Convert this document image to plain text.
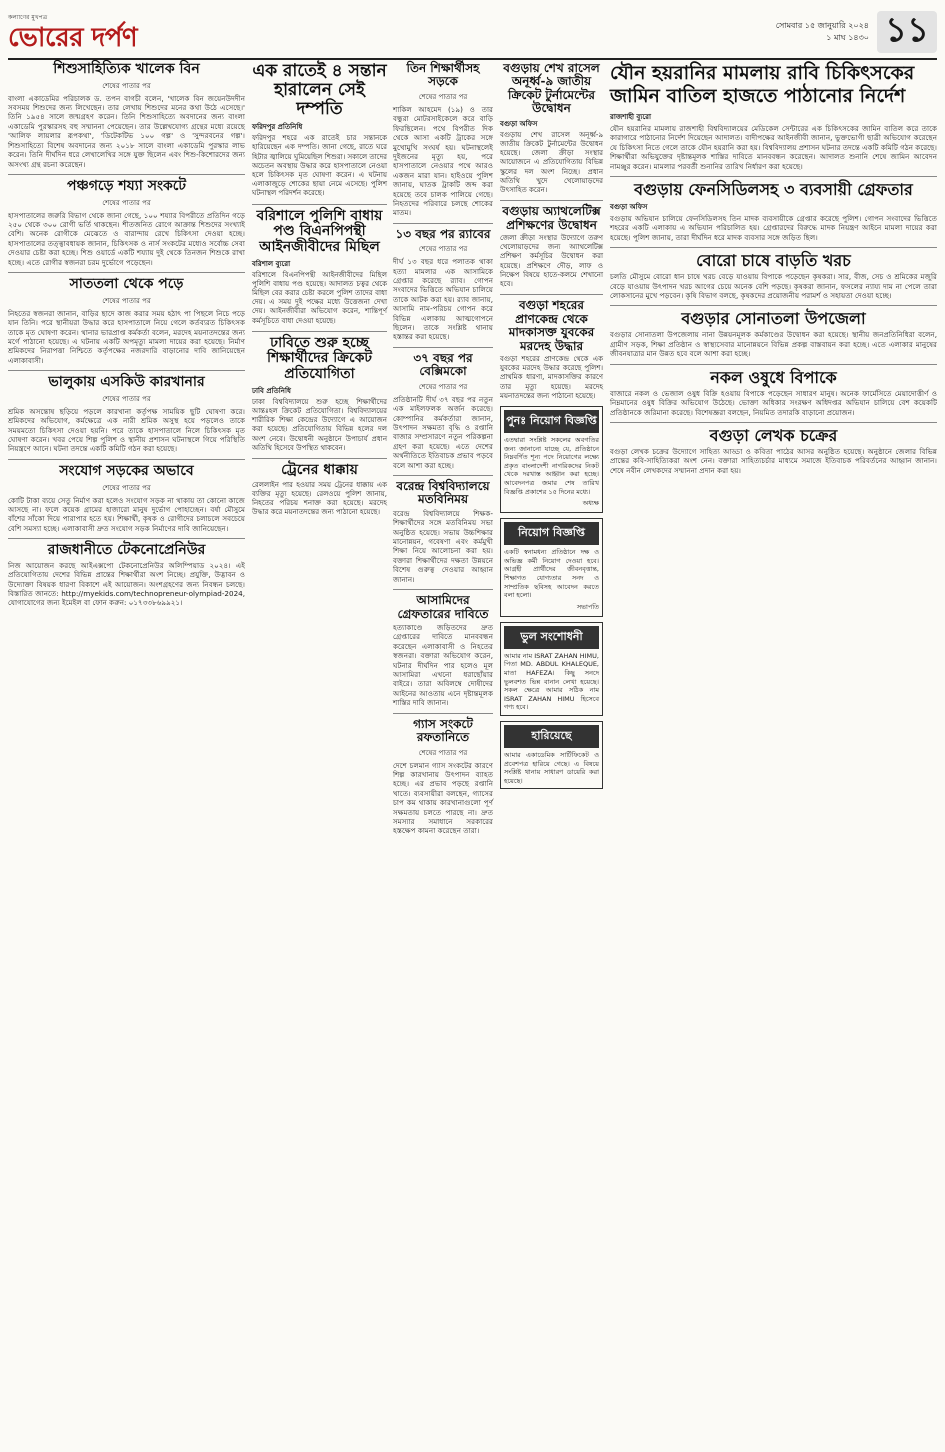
কল্যাণের মুখপত্র
ভোরের দর্পণ	সোমবার ১৫ জানুয়ারি ২০২৪
১ মাঘ ১৪৩০ ১১
শিশুসাহিত্যিক খালেক বিন
শেষের পাতার পর

বাংলা একাডেমির পরিচালক ড. তপন বাগচী বলেন, 'খালেক বিন জয়েনউদদীন সবসময় শিশুদের জন্য লিখেছেন। তার লেখায় শিশুদের মনের কথা উঠে এসেছে।' তিনি ১৯৫৪ সালে জন্মগ্রহণ করেন। তিনি শিশুসাহিত্যে অবদানের জন্য বাংলা একাডেমি পুরস্কারসহ বহু সম্মাননা পেয়েছেন। তার উল্লেখযোগ্য গ্রন্থের মধ্যে রয়েছে 'আলিফ লায়লার রূপকথা', 'ডিটেকটিভ ১০০ গল্প' ও 'সুন্দরবনের গল্প'। শিশুসাহিত্যে বিশেষ অবদানের জন্য ২০১৮ সালে বাংলা একাডেমি পুরস্কার লাভ করেন। তিনি দীর্ঘদিন ধরে লেখালেখির সঙ্গে যুক্ত ছিলেন এবং শিশু-কিশোরদের জন্য অসংখ্য গ্রন্থ রচনা করেছেন।

পঞ্চগড়ে শয্যা সংকটে
শেষের পাতার পর

হাসপাতালের জরুরি বিভাগ থেকে জানা গেছে, ১০০ শয্যার বিপরীতে প্রতিদিন গড়ে ২৫০ থেকে ৩০০ রোগী ভর্তি থাকছেন। শীতজনিত রোগে আক্রান্ত শিশুদের সংখ্যাই বেশি। অনেক রোগীকে মেঝেতে ও বারান্দায় রেখে চিকিৎসা দেওয়া হচ্ছে। হাসপাতালের তত্ত্বাবধায়ক জানান, চিকিৎসক ও নার্স সংকটের মধ্যেও সর্বোচ্চ সেবা দেওয়ার চেষ্টা করা হচ্ছে। শিশু ওয়ার্ডে একটি শয্যায় দুই থেকে তিনজন শিশুকে রাখা হচ্ছে। এতে রোগীর স্বজনরা চরম দুর্ভোগে পড়েছেন।

সাততলা থেকে পড়ে
শেষের পাতার পর

নিহতের স্বজনরা জানান, বাড়ির ছাদে কাজ করার সময় হঠাৎ পা পিছলে নিচে পড়ে যান তিনি। পরে স্থানীয়রা উদ্ধার করে হাসপাতালে নিয়ে গেলে কর্তব্যরত চিকিৎসক তাকে মৃত ঘোষণা করেন। থানার ভারপ্রাপ্ত কর্মকর্তা বলেন, মরদেহ ময়নাতদন্তের জন্য মর্গে পাঠানো হয়েছে। এ ঘটনায় একটি অপমৃত্যু মামলা দায়ের করা হয়েছে। নির্মাণ শ্রমিকদের নিরাপত্তা নিশ্চিতে কর্তৃপক্ষের নজরদারি বাড়ানোর দাবি জানিয়েছেন এলাকাবাসী।

ভালুকায় এসকিউ কারখানার
শেষের পাতার পর

শ্রমিক অসন্তোষ ছড়িয়ে পড়লে কারখানা কর্তৃপক্ষ সাময়িক ছুটি ঘোষণা করে। শ্রমিকদের অভিযোগ, কর্মক্ষেত্রে এক নারী শ্রমিক অসুস্থ হয়ে পড়লেও তাকে সময়মতো চিকিৎসা দেওয়া হয়নি। পরে তাকে হাসপাতালে নিলে চিকিৎসক মৃত ঘোষণা করেন। খবর পেয়ে শিল্প পুলিশ ও স্থানীয় প্রশাসন ঘটনাস্থলে গিয়ে পরিস্থিতি নিয়ন্ত্রণে আনে। ঘটনা তদন্তে একটি কমিটি গঠন করা হয়েছে।

সংযোগ সড়কের অভাবে
শেষের পাতার পর

কোটি টাকা ব্যয়ে সেতু নির্মাণ করা হলেও সংযোগ সড়ক না থাকায় তা কোনো কাজে আসছে না। ফলে কয়েক গ্রামের হাজারো মানুষ দুর্ভোগ পোহাচ্ছেন। বর্ষা মৌসুমে বাঁশের সাঁকো দিয়ে পারাপার হতে হয়। শিক্ষার্থী, কৃষক ও রোগীদের চলাচলে সবচেয়ে বেশি সমস্যা হচ্ছে। এলাকাবাসী দ্রুত সংযোগ সড়ক নির্মাণের দাবি জানিয়েছেন।

রাজধানীতে টেকনোপ্রেনিউর

নিজ আয়োজন করছে আইএক্সপো টেকনোপ্রেনিউর অলিম্পিয়াড ২০২৪। এই প্রতিযোগিতায় দেশের বিভিন্ন প্রান্তের শিক্ষার্থীরা অংশ নিচ্ছে। প্রযুক্তি, উদ্ভাবন ও উদ্যোক্তা বিষয়ক ধারণা বিকাশে এই আয়োজন। অংশগ্রহণের জন্য নিবন্ধন চলছে। বিস্তারিত জানতে: http://myekids.com/technopreneur-olympiad-2024, যোগাযোগের জন্য ইমেইল বা ফোন করুন: ০১৭৩৩৮৬৯৯২১।

এক রাতেই ৪ সন্তান হারালেন সেই দম্পতি
ফরিদপুর প্রতিনিধি

ফরিদপুর শহরে এক রাতেই চার সন্তানকে হারিয়েছেন এক দম্পতি। জানা গেছে, রাতে ঘরে হিটার জ্বালিয়ে ঘুমিয়েছিল শিশুরা। সকালে তাদের অচেতন অবস্থায় উদ্ধার করে হাসপাতালে নেওয়া হলে চিকিৎসক মৃত ঘোষণা করেন। এ ঘটনায় এলাকাজুড়ে শোকের ছায়া নেমে এসেছে। পুলিশ ঘটনাস্থল পরিদর্শন করেছে।

বরিশালে পুলিশি বাধায় পণ্ড বিএনপিপন্থী আইনজীবীদের মিছিল
বরিশাল ব্যুরো

বরিশালে বিএনপিপন্থী আইনজীবীদের মিছিল পুলিশি বাধায় পণ্ড হয়েছে। আদালত চত্বর থেকে মিছিল বের করার চেষ্টা করলে পুলিশ তাদের বাধা দেয়। এ সময় দুই পক্ষের মধ্যে উত্তেজনা দেখা দেয়। আইনজীবীরা অভিযোগ করেন, শান্তিপূর্ণ কর্মসূচিতে বাধা দেওয়া হয়েছে।

ঢাবিতে শুরু হচ্ছে শিক্ষার্থীদের ক্রিকেট প্রতিযোগিতা
ঢাবি প্রতিনিধি

ঢাকা বিশ্ববিদ্যালয়ে শুরু হচ্ছে শিক্ষার্থীদের আন্তঃহল ক্রিকেট প্রতিযোগিতা। বিশ্ববিদ্যালয়ের শারীরিক শিক্ষা কেন্দ্রের উদ্যোগে এ আয়োজন করা হয়েছে। প্রতিযোগিতায় বিভিন্ন হলের দল অংশ নেবে। উদ্বোধনী অনুষ্ঠানে উপাচার্য প্রধান অতিথি হিসেবে উপস্থিত থাকবেন।

ট্রেনের ধাক্কায়

রেললাইন পার হওয়ার সময় ট্রেনের ধাক্কায় এক ব্যক্তির মৃত্যু হয়েছে। রেলওয়ে পুলিশ জানায়, নিহতের পরিচয় শনাক্ত করা হয়েছে। মরদেহ উদ্ধার করে ময়নাতদন্তের জন্য পাঠানো হয়েছে।

তিন শিক্ষার্থীসহ সড়কে
শেষের পাতার পর

শাকিল আহমেদ (১৯) ও তার বন্ধুরা মোটরসাইকেলে করে বাড়ি ফিরছিলেন। পথে বিপরীত দিক থেকে আসা একটি ট্রাকের সঙ্গে মুখোমুখি সংঘর্ষ হয়। ঘটনাস্থলেই দুইজনের মৃত্যু হয়, পরে হাসপাতালে নেওয়ার পথে আরও একজন মারা যান। হাইওয়ে পুলিশ জানায়, ঘাতক ট্রাকটি জব্দ করা হয়েছে তবে চালক পালিয়ে গেছে। নিহতদের পরিবারে চলছে শোকের মাতম।

১৩ বছর পর র‌্যাবের
শেষের পাতার পর

দীর্ঘ ১৩ বছর ধরে পলাতক থাকা হত্যা মামলার এক আসামিকে গ্রেপ্তার করেছে র‌্যাব। গোপন সংবাদের ভিত্তিতে অভিযান চালিয়ে তাকে আটক করা হয়। র‌্যাব জানায়, আসামি নাম-পরিচয় গোপন করে বিভিন্ন এলাকায় আত্মগোপনে ছিলেন। তাকে সংশ্লিষ্ট থানায় হস্তান্তর করা হয়েছে।

৩৭ বছর পর বেক্সিমকো
শেষের পাতার পর

প্রতিষ্ঠানটি দীর্ঘ ৩৭ বছর পর নতুন এক মাইলফলক অর্জন করেছে। কোম্পানির কর্মকর্তারা জানান, উৎপাদন সক্ষমতা বৃদ্ধি ও রপ্তানি বাজার সম্প্রসারণে নতুন পরিকল্পনা গ্রহণ করা হয়েছে। এতে দেশের অর্থনীতিতে ইতিবাচক প্রভাব পড়বে বলে আশা করা হচ্ছে।

বরেন্দ্র বিশ্ববিদ্যালয়ে মতবিনিময়

বরেন্দ্র বিশ্ববিদ্যালয়ে শিক্ষক-শিক্ষার্থীদের সঙ্গে মতবিনিময় সভা অনুষ্ঠিত হয়েছে। সভায় উচ্চশিক্ষার মানোন্নয়ন, গবেষণা এবং কর্মমুখী শিক্ষা নিয়ে আলোচনা করা হয়। বক্তারা শিক্ষার্থীদের দক্ষতা উন্নয়নে বিশেষ গুরুত্ব দেওয়ার আহ্বান জানান।

আসামিদের গ্রেফতারের দাবিতে

হত্যাকাণ্ডে জড়িতদের দ্রুত গ্রেপ্তারের দাবিতে মানববন্ধন করেছেন এলাকাবাসী ও নিহতের স্বজনরা। বক্তারা অভিযোগ করেন, ঘটনার দীর্ঘদিন পার হলেও মূল আসামিরা এখনো ধরাছোঁয়ার বাইরে। তারা অবিলম্বে দোষীদের আইনের আওতায় এনে দৃষ্টান্তমূলক শাস্তির দাবি জানান।

গ্যাস সংকটে রফতানিতে
শেষের পাতার পর

দেশে চলমান গ্যাস সংকটের কারণে শিল্প কারখানায় উৎপাদন ব্যাহত হচ্ছে। এর প্রভাব পড়ছে রপ্তানি খাতে। ব্যবসায়ীরা বলছেন, গ্যাসের চাপ কম থাকায় কারখানাগুলো পূর্ণ সক্ষমতায় চলতে পারছে না। দ্রুত সমস্যার সমাধানে সরকারের হস্তক্ষেপ কামনা করেছেন তারা।

বগুড়ায় শেখ রাসেল অনূর্ধ্ব-৯ জাতীয় ক্রিকেট টুর্নামেন্টের উদ্বোধন
বগুড়া অফিস

বগুড়ায় শেখ রাসেল অনূর্ধ্ব-৯ জাতীয় ক্রিকেট টুর্নামেন্টের উদ্বোধন হয়েছে। জেলা ক্রীড়া সংস্থার আয়োজনে এ প্রতিযোগিতায় বিভিন্ন স্কুলের দল অংশ নিচ্ছে। প্রধান অতিথি খুদে খেলোয়াড়দের উৎসাহিত করেন।

বগুড়ায় অ্যাথলেটিক্স প্রশিক্ষণের উদ্বোধন

জেলা ক্রীড়া সংস্থার উদ্যোগে তরুণ খেলোয়াড়দের জন্য অ্যাথলেটিক্স প্রশিক্ষণ কর্মসূচির উদ্বোধন করা হয়েছে। প্রশিক্ষণে দৌড়, লাফ ও নিক্ষেপ বিষয়ে হাতে-কলমে শেখানো হবে।

বগুড়া শহরের প্রাণকেন্দ্র থেকে মাদকাসক্ত যুবকের মরদেহ উদ্ধার

বগুড়া শহরের প্রাণকেন্দ্র থেকে এক যুবকের মরদেহ উদ্ধার করেছে পুলিশ। প্রাথমিক ধারণা, মাদকাসক্তির কারণে তার মৃত্যু হয়েছে। মরদেহ ময়নাতদন্তের জন্য পাঠানো হয়েছে।

পুনঃ নিয়োগ বিজ্ঞপ্তি

এতদ্বারা সংশ্লিষ্ট সকলের অবগতির জন্য জানানো যাচ্ছে যে, প্রতিষ্ঠানে নিম্নবর্ণিত শূন্য পদে নিয়োগের লক্ষ্যে প্রকৃত বাংলাদেশী নাগরিকদের নিকট থেকে দরখাস্ত আহ্বান করা হচ্ছে। আবেদনপত্র জমার শেষ তারিখ বিজ্ঞপ্তি প্রকাশের ১৫ দিনের মধ্যে।

অধ্যক্ষ
নিয়োগ বিজ্ঞপ্তি

একটি স্বনামধন্য প্রতিষ্ঠানে দক্ষ ও অভিজ্ঞ কর্মী নিয়োগ দেওয়া হবে। আগ্রহী প্রার্থীদের জীবনবৃত্তান্ত, শিক্ষাগত যোগ্যতার সনদ ও সাম্প্রতিক ছবিসহ আবেদন করতে বলা হলো।

সভাপতি
ভুল সংশোধনী

আমার নাম ISRAT ZAHAN HIMU, পিতা MD. ABDUL KHALEQUE, মাতা HAFEZA। কিছু সনদে ভুলবশত ভিন্ন বানান লেখা হয়েছে। সকল ক্ষেত্রে আমার সঠিক নাম ISRAT ZAHAN HIMU হিসেবে গণ্য হবে।

হারিয়েছে

আমার একাডেমিক সার্টিফিকেট ও প্রবেশপত্র হারিয়ে গেছে। এ বিষয়ে সংশ্লিষ্ট থানায় সাধারণ ডায়েরি করা হয়েছে।

যৌন হয়রানির মামলায় রাবি চিকিৎসকের জামিন বাতিল হাজতে পাঠানোর নির্দেশ
রাজশাহী ব্যুরো

যৌন হয়রানির মামলায় রাজশাহী বিশ্ববিদ্যালয়ের মেডিকেল সেন্টারের এক চিকিৎসকের জামিন বাতিল করে তাকে কারাগারে পাঠানোর নির্দেশ দিয়েছেন আদালত। বাদীপক্ষের আইনজীবী জানান, ভুক্তভোগী ছাত্রী অভিযোগ করেছেন যে চিকিৎসা নিতে গেলে তাকে যৌন হয়রানি করা হয়। বিশ্ববিদ্যালয় প্রশাসন ঘটনার তদন্তে একটি কমিটি গঠন করেছে। শিক্ষার্থীরা অভিযুক্তের দৃষ্টান্তমূলক শাস্তির দাবিতে মানববন্ধন করেছেন। আদালত শুনানি শেষে জামিন আবেদন নামঞ্জুর করেন। মামলার পরবর্তী শুনানির তারিখ নির্ধারণ করা হয়েছে।

বগুড়ায় ফেনসিডিলসহ ৩ ব্যবসায়ী গ্রেফতার
বগুড়া অফিস

বগুড়ায় অভিযান চালিয়ে ফেনসিডিলসহ তিন মাদক ব্যবসায়ীকে গ্রেপ্তার করেছে পুলিশ। গোপন সংবাদের ভিত্তিতে শহরের একটি এলাকায় এ অভিযান পরিচালিত হয়। গ্রেপ্তারদের বিরুদ্ধে মাদক নিয়ন্ত্রণ আইনে মামলা দায়ের করা হয়েছে। পুলিশ জানায়, তারা দীর্ঘদিন ধরে মাদক ব্যবসার সঙ্গে জড়িত ছিল।

বোরো চাষে বাড়তি খরচ

চলতি মৌসুমে বোরো ধান চাষে খরচ বেড়ে যাওয়ায় বিপাকে পড়েছেন কৃষকরা। সার, বীজ, সেচ ও শ্রমিকের মজুরি বেড়ে যাওয়ায় উৎপাদন খরচ আগের চেয়ে অনেক বেশি পড়ছে। কৃষকরা জানান, ফসলের ন্যায্য দাম না পেলে তারা লোকসানের মুখে পড়বেন। কৃষি বিভাগ বলছে, কৃষকদের প্রয়োজনীয় পরামর্শ ও সহায়তা দেওয়া হচ্ছে।

বগুড়ার সোনাতলা উপজেলা

বগুড়ার সোনাতলা উপজেলায় নানা উন্নয়নমূলক কর্মকাণ্ডের উদ্বোধন করা হয়েছে। স্থানীয় জনপ্রতিনিধিরা বলেন, গ্রামীণ সড়ক, শিক্ষা প্রতিষ্ঠান ও স্বাস্থ্যসেবার মানোন্নয়নে বিভিন্ন প্রকল্প বাস্তবায়ন করা হচ্ছে। এতে এলাকার মানুষের জীবনযাত্রার মান উন্নত হবে বলে আশা করা হচ্ছে।

নকল ওষুধে বিপাকে

বাজারে নকল ও ভেজাল ওষুধ বিক্রি হওয়ায় বিপাকে পড়েছেন সাধারণ মানুষ। অনেক ফার্মেসিতে মেয়াদোত্তীর্ণ ও নিম্নমানের ওষুধ বিক্রির অভিযোগ উঠেছে। ভোক্তা অধিকার সংরক্ষণ অধিদপ্তর অভিযান চালিয়ে বেশ কয়েকটি প্রতিষ্ঠানকে জরিমানা করেছে। বিশেষজ্ঞরা বলছেন, নিয়মিত তদারকি বাড়ানো প্রয়োজন।

বগুড়া লেখক চক্রের

বগুড়া লেখক চক্রের উদ্যোগে সাহিত্য আড্ডা ও কবিতা পাঠের আসর অনুষ্ঠিত হয়েছে। অনুষ্ঠানে জেলার বিভিন্ন প্রান্তের কবি-সাহিত্যিকরা অংশ নেন। বক্তারা সাহিত্যচর্চার মাধ্যমে সমাজে ইতিবাচক পরিবর্তনের আহ্বান জানান। শেষে নবীন লেখকদের সম্মাননা প্রদান করা হয়।
